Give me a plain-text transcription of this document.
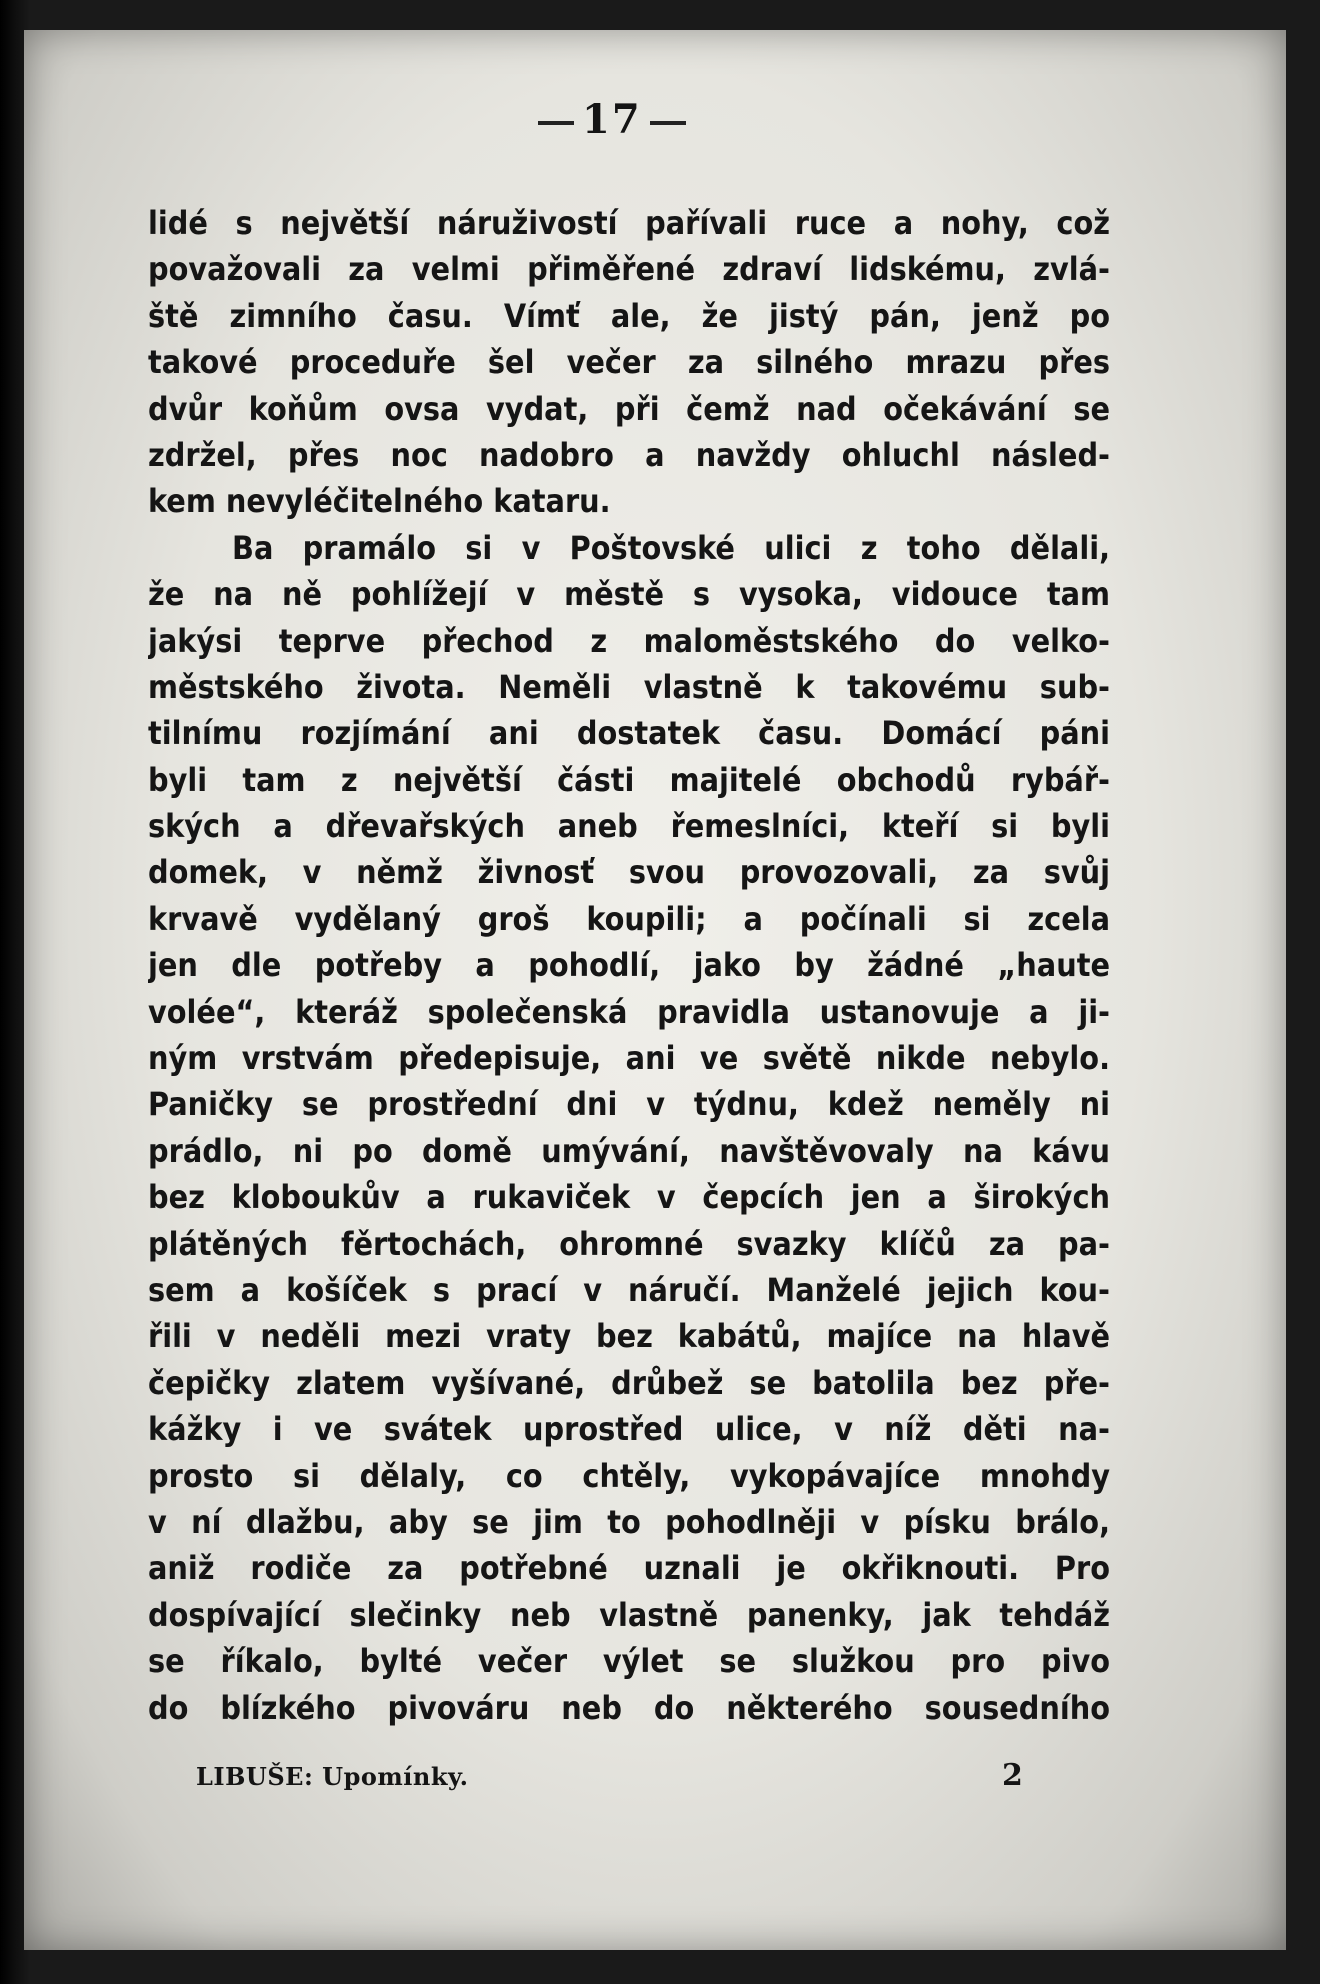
17
lidé s největší náruživostí pařívali ruce a nohy, což
považovali za velmi přiměřené zdraví lidskému, zvlá-
ště zimního času. Vímť ale, že jistý pán, jenž po
takové proceduře šel večer za silného mrazu přes
dvůr koňům ovsa vydat, při čemž nad očekávání se
zdržel, přes noc nadobro a navždy ohluchl násled-
kem nevyléčitelného kataru.
Ba pramálo si v Poštovské ulici z toho dělali,
že na ně pohlížejí v městě s vysoka, vidouce tam
jakýsi teprve přechod z maloměstského do velko-
městského života. Neměli vlastně k takovému sub-
tilnímu rozjímání ani dostatek času. Domácí páni
byli tam z největší části majitelé obchodů rybář-
ských a dřevařských aneb řemeslníci, kteří si byli
domek, v němž živnosť svou provozovali, za svůj
krvavě vydělaný groš koupili; a počínali si zcela
jen dle potřeby a pohodlí, jako by žádné „haute
volée“, kteráž společenská pravidla ustanovuje a ji-
ným vrstvám předepisuje, ani ve světě nikde nebylo.
Paničky se prostřední dni v týdnu, kdež neměly ni
prádlo, ni po domě umývání, navštěvovaly na kávu
bez kloboukův a rukaviček v čepcích jen a širokých
plátěných fěrtochách, ohromné svazky klíčů za pa-
sem a košíček s prací v náručí. Manželé jejich kou-
řili v neděli mezi vraty bez kabátů, majíce na hlavě
čepičky zlatem vyšívané, drůbež se batolila bez pře-
kážky i ve svátek uprostřed ulice, v níž děti na-
prosto si dělaly, co chtěly, vykopávajíce mnohdy
v ní dlažbu, aby se jim to pohodlněji v písku brálo,
aniž rodiče za potřebné uznali je okřiknouti. Pro
dospívající slečinky neb vlastně panenky, jak tehdáž
se říkalo, bylté večer výlet se služkou pro pivo
do blízkého pivováru neb do některého sousedního
LIBUŠE: Upomínky.	2
